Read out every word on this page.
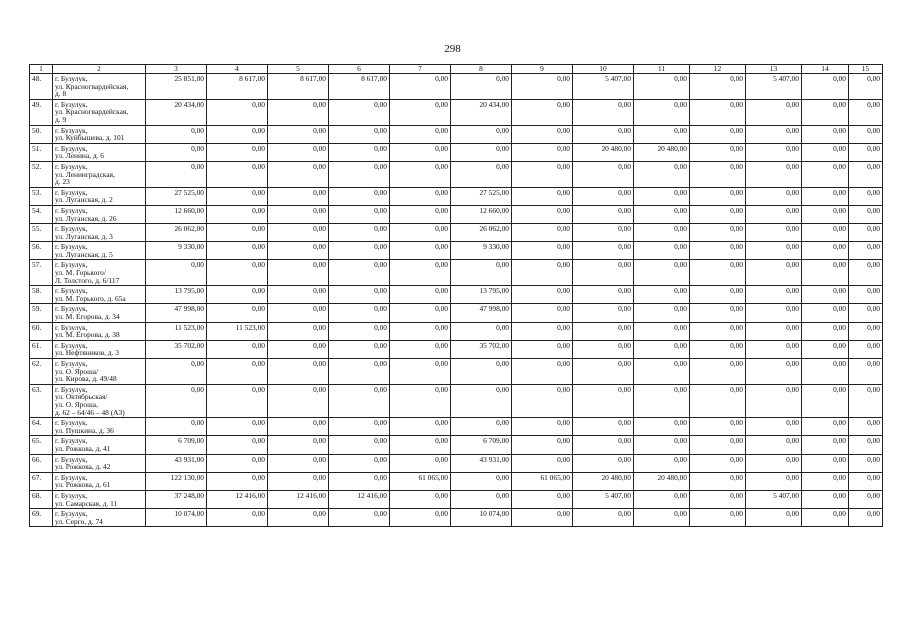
298
1	2	3	4	5	6	7	8	9	10	11	12	13	14	15
48.	г. Бузулук,
ул. Красногвардейская,
д. 8	25 851,00	8 617,00	8 617,00	8 617,00	0,00	0,00	0,00	5 407,00	0,00	0,00	5 407,00	0,00	0,00
49.	г. Бузулук,
ул. Красногвардейская,
д. 9	20 434,00	0,00	0,00	0,00	0,00	20 434,00	0,00	0,00	0,00	0,00	0,00	0,00	0,00
50.	г. Бузулук,
ул. Куйбышева, д. 101	0,00	0,00	0,00	0,00	0,00	0,00	0,00	0,00	0,00	0,00	0,00	0,00	0,00
51.	г. Бузулук,
ул. Ленина, д. 6	0,00	0,00	0,00	0,00	0,00	0,00	0,00	20 480,00	20 480,00	0,00	0,00	0,00	0,00
52.	г. Бузулук,
ул. Ленинградская,
д. 23	0,00	0,00	0,00	0,00	0,00	0,00	0,00	0,00	0,00	0,00	0,00	0,00	0,00
53.	г. Бузулук,
ул. Луганская, д. 2	27 525,00	0,00	0,00	0,00	0,00	27 525,00	0,00	0,00	0,00	0,00	0,00	0,00	0,00
54.	г. Бузулук,
ул. Луганская, д. 26	12 660,00	0,00	0,00	0,00	0,00	12 660,00	0,00	0,00	0,00	0,00	0,00	0,00	0,00
55.	г. Бузулук,
ул. Луганская, д. 3	26 062,00	0,00	0,00	0,00	0,00	26 062,00	0,00	0,00	0,00	0,00	0,00	0,00	0,00
56.	г. Бузулук,
ул. Луганская, д. 5	9 330,00	0,00	0,00	0,00	0,00	9 330,00	0,00	0,00	0,00	0,00	0,00	0,00	0,00
57.	г. Бузулук,
ул. М. Горького/
Л. Толстого, д. 6/117	0,00	0,00	0,00	0,00	0,00	0,00	0,00	0,00	0,00	0,00	0,00	0,00	0,00
58.	г. Бузулук,
ул. М. Горького, д. 65а	13 795,00	0,00	0,00	0,00	0,00	13 795,00	0,00	0,00	0,00	0,00	0,00	0,00	0,00
59.	г. Бузулук,
ул. М. Егорова, д. 34	47 998,00	0,00	0,00	0,00	0,00	47 998,00	0,00	0,00	0,00	0,00	0,00	0,00	0,00
60.	г. Бузулук,
ул. М. Егорова, д. 38	11 523,00	11 523,00	0,00	0,00	0,00	0,00	0,00	0,00	0,00	0,00	0,00	0,00	0,00
61.	г. Бузулук,
ул. Нефтяников, д. 3	35 702,00	0,00	0,00	0,00	0,00	35 702,00	0,00	0,00	0,00	0,00	0,00	0,00	0,00
62.	г. Бузулук,
ул. О. Яроша/
ул. Кирова, д. 49/48	0,00	0,00	0,00	0,00	0,00	0,00	0,00	0,00	0,00	0,00	0,00	0,00	0,00
63.	г. Бузулук,
ул. Октябрьская/
ул. О. Яроша,
д. 62 – 64/46 – 48 (А3)	0,00	0,00	0,00	0,00	0,00	0,00	0,00	0,00	0,00	0,00	0,00	0,00	0,00
64.	г. Бузулук,
ул. Пушкина, д. 36	0,00	0,00	0,00	0,00	0,00	0,00	0,00	0,00	0,00	0,00	0,00	0,00	0,00
65.	г. Бузулук,
ул. Рожкова, д. 41	6 709,00	0,00	0,00	0,00	0,00	6 709,00	0,00	0,00	0,00	0,00	0,00	0,00	0,00
66.	г. Бузулук,
ул. Рожкова, д. 42	43 931,00	0,00	0,00	0,00	0,00	43 931,00	0,00	0,00	0,00	0,00	0,00	0,00	0,00
67.	г. Бузулук,
ул. Рожкова, д. 61	122 130,00	0,00	0,00	0,00	61 065,00	0,00	61 065,00	20 480,00	20 480,00	0,00	0,00	0,00	0,00
68.	г. Бузулук,
ул. Самарская, д. 11	37 248,00	12 416,00	12 416,00	12 416,00	0,00	0,00	0,00	5 407,00	0,00	0,00	5 407,00	0,00	0,00
69.	г. Бузулук,
ул. Серго, д. 74	10 074,00	0,00	0,00	0,00	0,00	10 074,00	0,00	0,00	0,00	0,00	0,00	0,00	0,00
